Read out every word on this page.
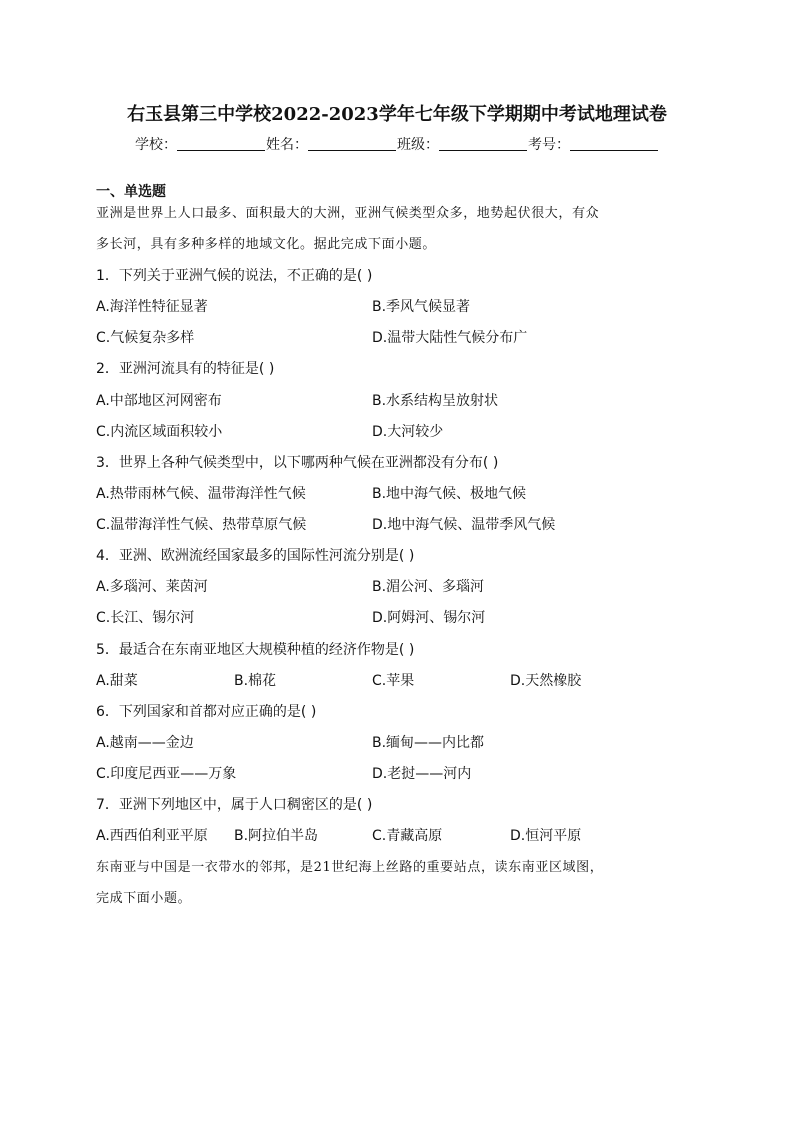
右玉县第三中学校2022-2023学年七年级下学期期中考试地理试卷
学校：	姓名：	班级：	考号：
一、单选题
亚洲是世界上人口最多、面积最大的大洲，亚洲气候类型众多，地势起伏很大，有众
多长河，具有多种多样的地域文化。据此完成下面小题。
1．下列关于亚洲气候的说法，不正确的是( )
A.海洋性特征显著	B.季风气候显著
C.气候复杂多样	D.温带大陆性气候分布广
2．亚洲河流具有的特征是( )
A.中部地区河网密布	B.水系结构呈放射状
C.内流区域面积较小	D.大河较少
3．世界上各种气候类型中，以下哪两种气候在亚洲都没有分布( )
A.热带雨林气候、温带海洋性气候	B.地中海气候、极地气候
C.温带海洋性气候、热带草原气候	D.地中海气候、温带季风气候
4．亚洲、欧洲流经国家最多的国际性河流分别是( )
A.多瑙河、莱茵河	B.湄公河、多瑙河
C.长江、锡尔河	D.阿姆河、锡尔河
5．最适合在东南亚地区大规模种植的经济作物是( )
A.甜菜	B.棉花	C.苹果	D.天然橡胶
6．下列国家和首都对应正确的是( )
A.越南——金边	B.缅甸——内比都
C.印度尼西亚——万象	D.老挝——河内
7．亚洲下列地区中，属于人口稠密区的是( )
A.西西伯利亚平原 B.阿拉伯半岛	C.青藏高原	D.恒河平原
东南亚与中国是一衣带水的邻邦，是21世纪海上丝路的重要站点，读东南亚区域图，
完成下面小题。
